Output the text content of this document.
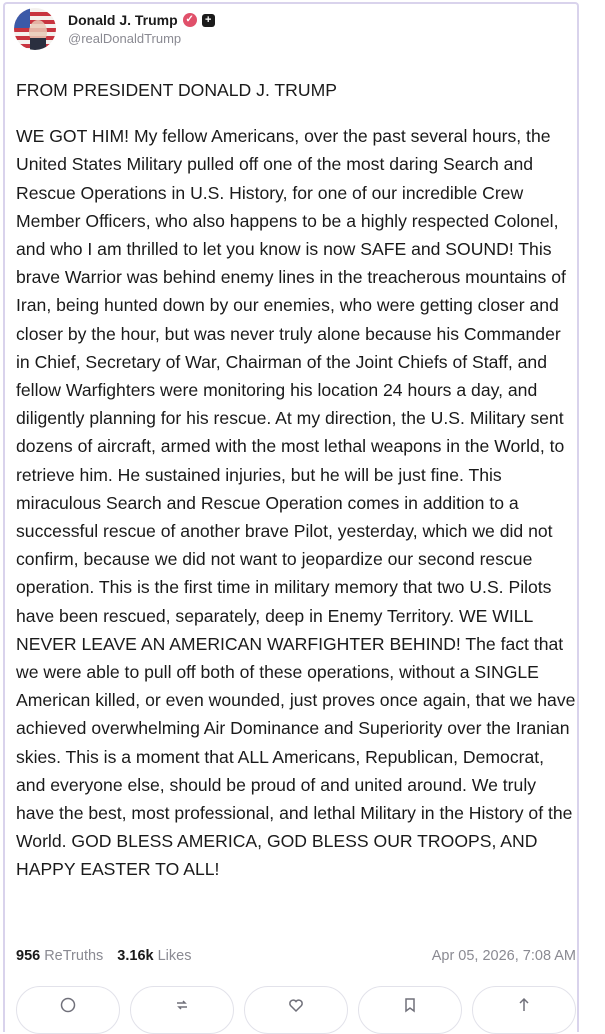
Donald J. Trump ✓ +
@realDonaldTrump

FROM PRESIDENT DONALD J. TRUMP

WE GOT HIM! My fellow Americans, over the past several hours, the United States Military pulled off one of the most daring Search and Rescue Operations in U.S. History, for one of our incredible Crew Member Officers, who also happens to be a highly respected Colonel, and who I am thrilled to let you know is now SAFE and SOUND! This brave Warrior was behind enemy lines in the treacherous mountains of Iran, being hunted down by our enemies, who were getting closer and closer by the hour, but was never truly alone because his Commander in Chief, Secretary of War, Chairman of the Joint Chiefs of Staff, and fellow Warfighters were monitoring his location 24 hours a day, and diligently planning for his rescue. At my direction, the U.S. Military sent dozens of aircraft, armed with the most lethal weapons in the World, to retrieve him. He sustained injuries, but he will be just fine. This miraculous Search and Rescue Operation comes in addition to a successful rescue of another brave Pilot, yesterday, which we did not confirm, because we did not want to jeopardize our second rescue operation. This is the first time in military memory that two U.S. Pilots have been rescued, separately, deep in Enemy Territory. WE WILL NEVER LEAVE AN AMERICAN WARFIGHTER BEHIND! The fact that we were able to pull off both of these operations, without a SINGLE American killed, or even wounded, just proves once again, that we have achieved overwhelming Air Dominance and Superiority over the Iranian skies. This is a moment that ALL Americans, Republican, Democrat, and everyone else, should be proud of and united around. We truly have the best, most professional, and lethal Military in the History of the World. GOD BLESS AMERICA, GOD BLESS OUR TROOPS, AND HAPPY EASTER TO ALL!

956 ReTruths 3.16k Likes	Apr 05, 2026, 7:08 AM
